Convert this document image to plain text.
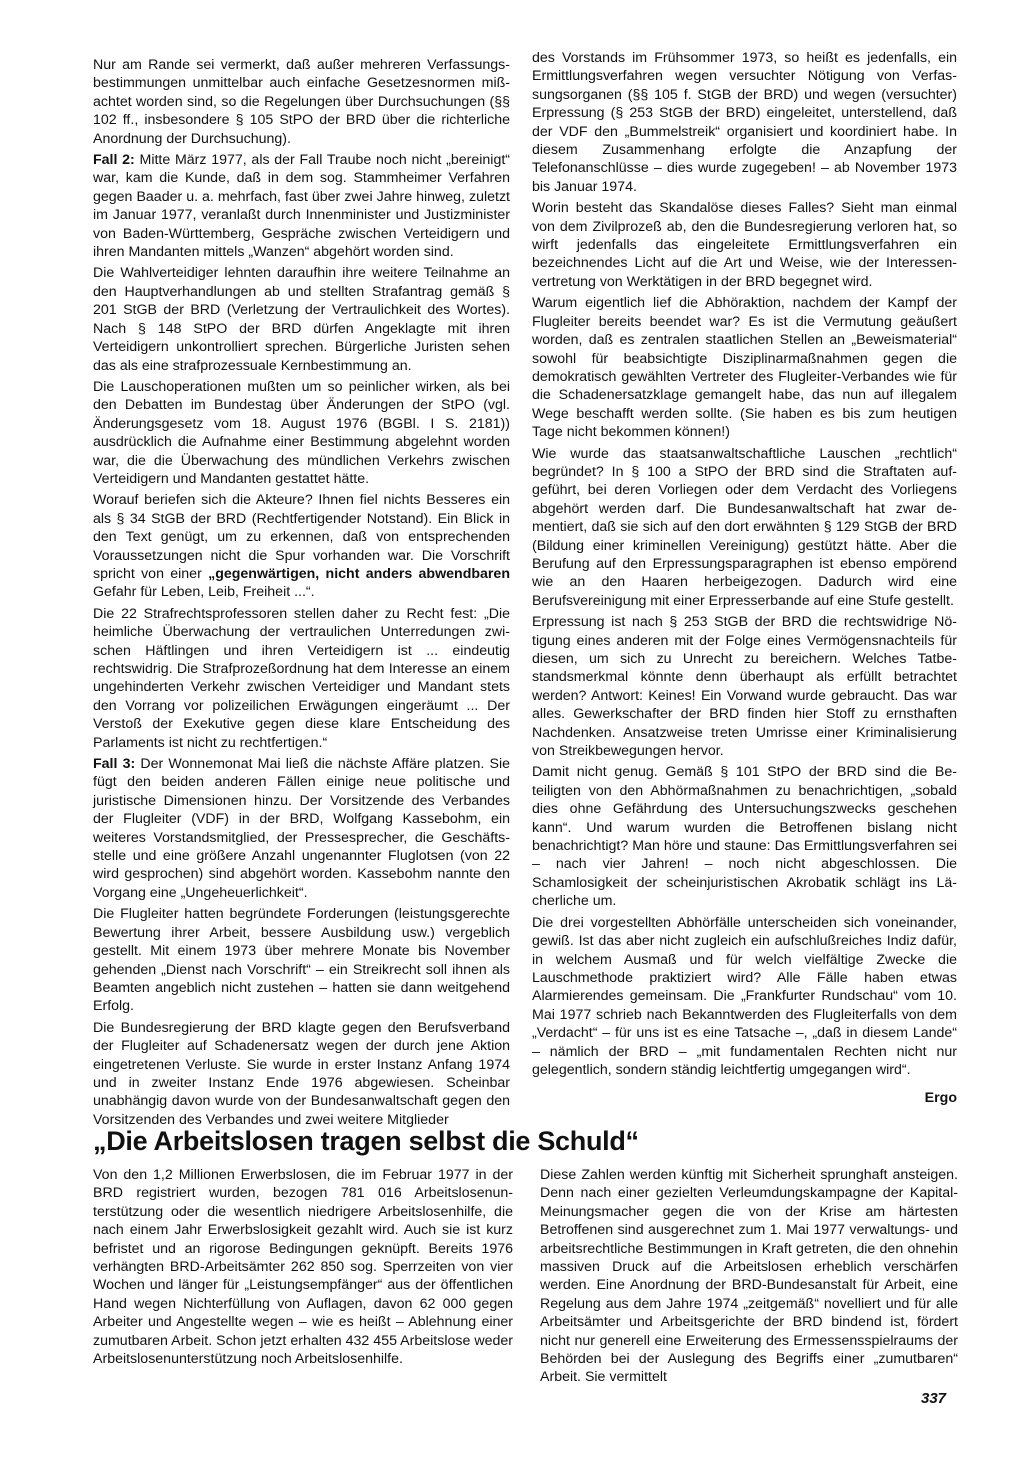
Nur am Rande sei vermerkt, daß außer mehreren Verfassungsbestimmungen unmittelbar auch einfache Gesetzesnormen mißachtet worden sind, so die Regelungen über Durchsuchungen (§§ 102 ff., insbesondere § 105 StPO der BRD über die richterliche Anordnung der Durchsuchung).

Fall 2: Mitte März 1977, als der Fall Traube noch nicht „bereinigt“ war, kam die Kunde, daß in dem sog. Stammheimer Verfahren gegen Baader u. a. mehrfach, fast über zwei Jahre hinweg, zuletzt im Januar 1977, veranlaßt durch Innenminister und Justizminister von Baden-Württemberg, Gespräche zwischen Verteidigern und ihren Mandanten mittels „Wanzen“ abgehört worden sind.

Die Wahlverteidiger lehnten daraufhin ihre weitere Teilnahme an den Hauptverhandlungen ab und stellten Strafantrag gemäß § 201 StGB der BRD (Verletzung der Vertraulichkeit des Wortes). Nach § 148 StPO der BRD dürfen Angeklagte mit ihren Verteidigern unkontrolliert sprechen. Bürgerliche Juristen sehen das als eine strafprozessuale Kernbestimmung an.

Die Lauschoperationen mußten um so peinlicher wirken, als bei den Debatten im Bundestag über Änderungen der StPO (vgl. Änderungsgesetz vom 18. August 1976 (BGBl. I S. 2181)) ausdrücklich die Aufnahme einer Bestimmung abgelehnt worden war, die die Überwachung des mündlichen Verkehrs zwischen Verteidigern und Mandanten gestattet hätte.

Worauf beriefen sich die Akteure? Ihnen fiel nichts Besseres ein als § 34 StGB der BRD (Rechtfertigender Notstand). Ein Blick in den Text genügt, um zu erkennen, daß von entsprechenden Voraussetzungen nicht die Spur vorhanden war. Die Vorschrift spricht von einer „gegenwärtigen, nicht anders abwendbaren Gefahr für Leben, Leib, Freiheit ...“.

Die 22 Strafrechtsprofessoren stellen daher zu Recht fest: „Die heimliche Überwachung der vertraulichen Unterredungen zwischen Häftlingen und ihren Verteidigern ist ... eindeutig rechtswidrig. Die Strafprozeßordnung hat dem Interesse an einem ungehinderten Verkehr zwischen Verteidiger und Mandant stets den Vorrang vor polizeilichen Erwägungen eingeräumt ... Der Verstoß der Exekutive gegen diese klare Entscheidung des Parlaments ist nicht zu rechtfertigen.“

Fall 3: Der Wonnemonat Mai ließ die nächste Affäre platzen. Sie fügt den beiden anderen Fällen einige neue politische und juristische Dimensionen hinzu. Der Vorsitzende des Verbandes der Flugleiter (VDF) in der BRD, Wolfgang Kassebohm, ein weiteres Vorstandsmitglied, der Pressesprecher, die Geschäftsstelle und eine größere Anzahl ungenannter Fluglotsen (von 22 wird gesprochen) sind abgehört worden. Kassebohm nannte den Vorgang eine „Ungeheuerlichkeit“.

Die Flugleiter hatten begründete Forderungen (leistungsgerechte Bewertung ihrer Arbeit, bessere Ausbildung usw.) vergeblich gestellt. Mit einem 1973 über mehrere Monate bis November gehenden „Dienst nach Vorschrift“ – ein Streikrecht soll ihnen als Beamten angeblich nicht zustehen – hatten sie dann weitgehend Erfolg.

Die Bundesregierung der BRD klagte gegen den Berufsverband der Flugleiter auf Schadenersatz wegen der durch jene Aktion eingetretenen Verluste. Sie wurde in erster Instanz Anfang 1974 und in zweiter Instanz Ende 1976 abgewiesen. Scheinbar unabhängig davon wurde von der Bundesanwaltschaft gegen den Vorsitzenden des Verbandes und zwei weitere Mitglieder

des Vorstands im Frühsommer 1973, so heißt es jedenfalls, ein Ermittlungsverfahren wegen versuchter Nötigung von Verfassungsorganen (§§ 105 f. StGB der BRD) und wegen (versuchter) Erpressung (§ 253 StGB der BRD) eingeleitet, unterstellend, daß der VDF den „Bummelstreik“ organisiert und koordiniert habe. In diesem Zusammenhang erfolgte die Anzapfung der Telefonanschlüsse – dies wurde zugegeben! – ab November 1973 bis Januar 1974.

Worin besteht das Skandalöse dieses Falles? Sieht man einmal von dem Zivilprozeß ab, den die Bundesregierung verloren hat, so wirft jedenfalls das eingeleitete Ermittlungsverfahren ein bezeichnendes Licht auf die Art und Weise, wie der Interessenvertretung von Werktätigen in der BRD begegnet wird.

Warum eigentlich lief die Abhöraktion, nachdem der Kampf der Flugleiter bereits beendet war? Es ist die Vermutung geäußert worden, daß es zentralen staatlichen Stellen an „Beweismaterial“ sowohl für beabsichtigte Disziplinarmaßnahmen gegen die demokratisch gewählten Vertreter des Flugleiter-Verbandes wie für die Schadenersatzklage gemangelt habe, das nun auf illegalem Wege beschafft werden sollte. (Sie haben es bis zum heutigen Tage nicht bekommen können!)

Wie wurde das staatsanwaltschaftliche Lauschen „rechtlich“ begründet? In § 100 a StPO der BRD sind die Straftaten aufgeführt, bei deren Vorliegen oder dem Verdacht des Vorliegens abgehört werden darf. Die Bundesanwaltschaft hat zwar dementiert, daß sie sich auf den dort erwähnten § 129 StGB der BRD (Bildung einer kriminellen Vereinigung) gestützt hätte. Aber die Berufung auf den Erpressungsparagraphen ist ebenso empörend wie an den Haaren herbeigezogen. Dadurch wird eine Berufsvereinigung mit einer Erpresserbande auf eine Stufe gestellt.

Erpressung ist nach § 253 StGB der BRD die rechtswidrige Nötigung eines anderen mit der Folge eines Vermögensnachteils für diesen, um sich zu Unrecht zu bereichern. Welches Tatbestandsmerkmal könnte denn überhaupt als erfüllt betrachtet werden? Antwort: Keines! Ein Vorwand wurde gebraucht. Das war alles. Gewerkschafter der BRD finden hier Stoff zu ernsthaften Nachdenken. Ansatzweise treten Umrisse einer Kriminalisierung von Streikbewegungen hervor.

Damit nicht genug. Gemäß § 101 StPO der BRD sind die Beteiligten von den Abhörmaßnahmen zu benachrichtigen, „sobald dies ohne Gefährdung des Untersuchungszwecks geschehen kann“. Und warum wurden die Betroffenen bislang nicht benachrichtigt? Man höre und staune: Das Ermittlungsverfahren sei – nach vier Jahren! – noch nicht abgeschlossen. Die Schamlosigkeit der scheinjuristischen Akrobatik schlägt ins Lächerliche um.

Die drei vorgestellten Abhörfälle unterscheiden sich voneinander, gewiß. Ist das aber nicht zugleich ein aufschlußreiches Indiz dafür, in welchem Ausmaß und für welch vielfältige Zwecke die Lauschmethode praktiziert wird? Alle Fälle haben etwas Alarmierendes gemeinsam. Die „Frankfurter Rundschau“ vom 10. Mai 1977 schrieb nach Bekanntwerden des Flugleiterfalls von dem „Verdacht“ – für uns ist es eine Tatsache –, „daß in diesem Lande“ – nämlich der BRD – „mit fundamentalen Rechten nicht nur gelegentlich, sondern ständig leichtfertig umgegangen wird“.

Ergo
„Die Arbeitslosen tragen selbst die Schuld“

Von den 1,2 Millionen Erwerbslosen, die im Februar 1977 in der BRD registriert wurden, bezogen 781 016 Arbeitslosenunterstützung oder die wesentlich niedrigere Arbeitslosenhilfe, die nach einem Jahr Erwerbslosigkeit gezahlt wird. Auch sie ist kurz befristet und an rigorose Bedingungen geknüpft. Bereits 1976 verhängten BRD-Arbeitsämter 262 850 sog. Sperrzeiten von vier Wochen und länger für „Leistungsempfänger“ aus der öffentlichen Hand wegen Nichterfüllung von Auflagen, davon 62 000 gegen Arbeiter und Angestellte wegen – wie es heißt – Ablehnung einer zumutbaren Arbeit. Schon jetzt erhalten 432 455 Arbeitslose weder Arbeitslosenunterstützung noch Arbeitslosenhilfe.

Diese Zahlen werden künftig mit Sicherheit sprunghaft ansteigen. Denn nach einer gezielten Verleumdungskampagne der Kapital-Meinungsmacher gegen die von der Krise am härtesten Betroffenen sind ausgerechnet zum 1. Mai 1977 verwaltungs- und arbeitsrechtliche Bestimmungen in Kraft getreten, die den ohnehin massiven Druck auf die Arbeitslosen erheblich verschärfen werden. Eine Anordnung der BRD-Bundesanstalt für Arbeit, eine Regelung aus dem Jahre 1974 „zeitgemäß“ novelliert und für alle Arbeitsämter und Arbeitsgerichte der BRD bindend ist, fördert nicht nur generell eine Erweiterung des Ermessensspielraums der Behörden bei der Auslegung des Begriffs einer „zumutbaren“ Arbeit. Sie vermittelt

337
